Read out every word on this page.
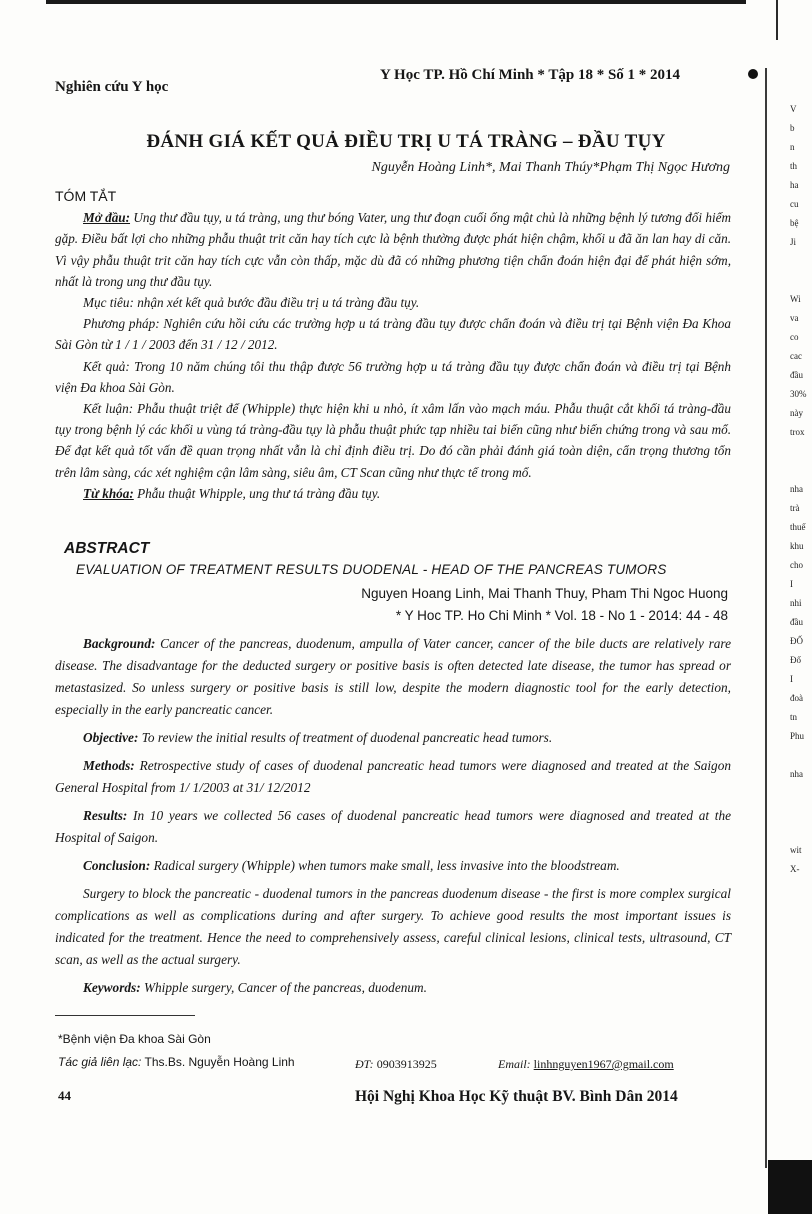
V
b
n
th
ha
cu
bệ
Ji
Wi
va
co
cac
đầu
30%
này
trox
nha
trà
thuế
khu
cho
I
nhi
đầu
ĐỐ
Đố
I
đoà
tn
Phu
nha
wit
X-
Nghiên cứu Y học
Y Học TP. Hồ Chí Minh * Tập 18 * Số 1 * 2014
ĐÁNH GIÁ KẾT QUẢ ĐIỀU TRỊ U TÁ TRÀNG – ĐẦU TỤY
Nguyễn Hoàng Linh*, Mai Thanh Thúy*Phạm Thị Ngọc Hương

TÓM TẮT

Mở đầu: Ung thư đầu tụy, u tá tràng, ung thư bóng Vater, ung thư đoạn cuối ống mật chủ là những bệnh lý tương đối hiếm gặp. Điều bất lợi cho những phẫu thuật trit căn hay tích cực là bệnh thường được phát hiện chậm, khối u đã ăn lan hay di căn. Vì vậy phẫu thuật trit căn hay tích cực vẫn còn thấp, mặc dù đã có những phương tiện chẩn đoán hiện đại để phát hiện sớm, nhất là trong ung thư đầu tụy.

Mục tiêu: nhận xét kết quả bước đầu điều trị u tá tràng đầu tụy.

Phương pháp: Nghiên cứu hồi cứu các trường hợp u tá tràng đầu tụy được chẩn đoán và điều trị tại Bệnh viện Đa Khoa Sài Gòn từ 1 / 1 / 2003 đến 31 / 12 / 2012.

Kết quả: Trong 10 năm chúng tôi thu thập được 56 trường hợp u tá tràng đầu tụy được chẩn đoán và điều trị tại Bệnh viện Đa khoa Sài Gòn.

Kết luận: Phẫu thuật triệt để (Whipple) thực hiện khi u nhỏ, ít xâm lấn vào mạch máu. Phẫu thuật cắt khối tá tràng-đầu tụy trong bệnh lý các khối u vùng tá tràng-đầu tụy là phẫu thuật phức tạp nhiều tai biến cũng như biến chứng trong và sau mổ. Để đạt kết quả tốt vấn đề quan trọng nhất vẫn là chỉ định điều trị. Do đó cần phải đánh giá toàn diện, cẩn trọng thương tổn trên lâm sàng, các xét nghiệm cận lâm sàng, siêu âm, CT Scan cũng như thực tế trong mổ.

Từ khóa: Phẫu thuật Whipple, ung thư tá tràng đầu tụy.

ABSTRACT
EVALUATION OF TREATMENT RESULTS DUODENAL - HEAD OF THE PANCREAS TUMORS
Nguyen Hoang Linh, Mai Thanh Thuy, Pham Thi Ngoc Huong
* Y Hoc TP. Ho Chi Minh * Vol. 18 - No 1 - 2014: 44 - 48

Background: Cancer of the pancreas, duodenum, ampulla of Vater cancer, cancer of the bile ducts are relatively rare disease. The disadvantage for the deducted surgery or positive basis is often detected late disease, the tumor has spread or metastasized. So unless surgery or positive basis is still low, despite the modern diagnostic tool for the early detection, especially in the early pancreatic cancer.

Objective: To review the initial results of treatment of duodenal pancreatic head tumors.

Methods: Retrospective study of cases of duodenal pancreatic head tumors were diagnosed and treated at the Saigon General Hospital from 1/ 1/2003 at 31/ 12/2012

Results: In 10 years we collected 56 cases of duodenal pancreatic head tumors were diagnosed and treated at the Hospital of Saigon.

Conclusion: Radical surgery (Whipple) when tumors make small, less invasive into the bloodstream.

Surgery to block the pancreatic - duodenal tumors in the pancreas duodenum disease - the first is more complex surgical complications as well as complications during and after surgery. To achieve good results the most important issues is indicated for the treatment. Hence the need to comprehensively assess, careful clinical lesions, clinical tests, ultrasound, CT scan, as well as the actual surgery.

Keywords: Whipple surgery, Cancer of the pancreas, duodenum.

*Bệnh viện Đa khoa Sài Gòn
Tác giả liên lạc: Ths.Bs. Nguyễn Hoàng Linh	ĐT: 0903913925	Email: linhnguyen1967@gmail.com
44	Hội Nghị Khoa Học Kỹ thuật BV. Bình Dân 2014
